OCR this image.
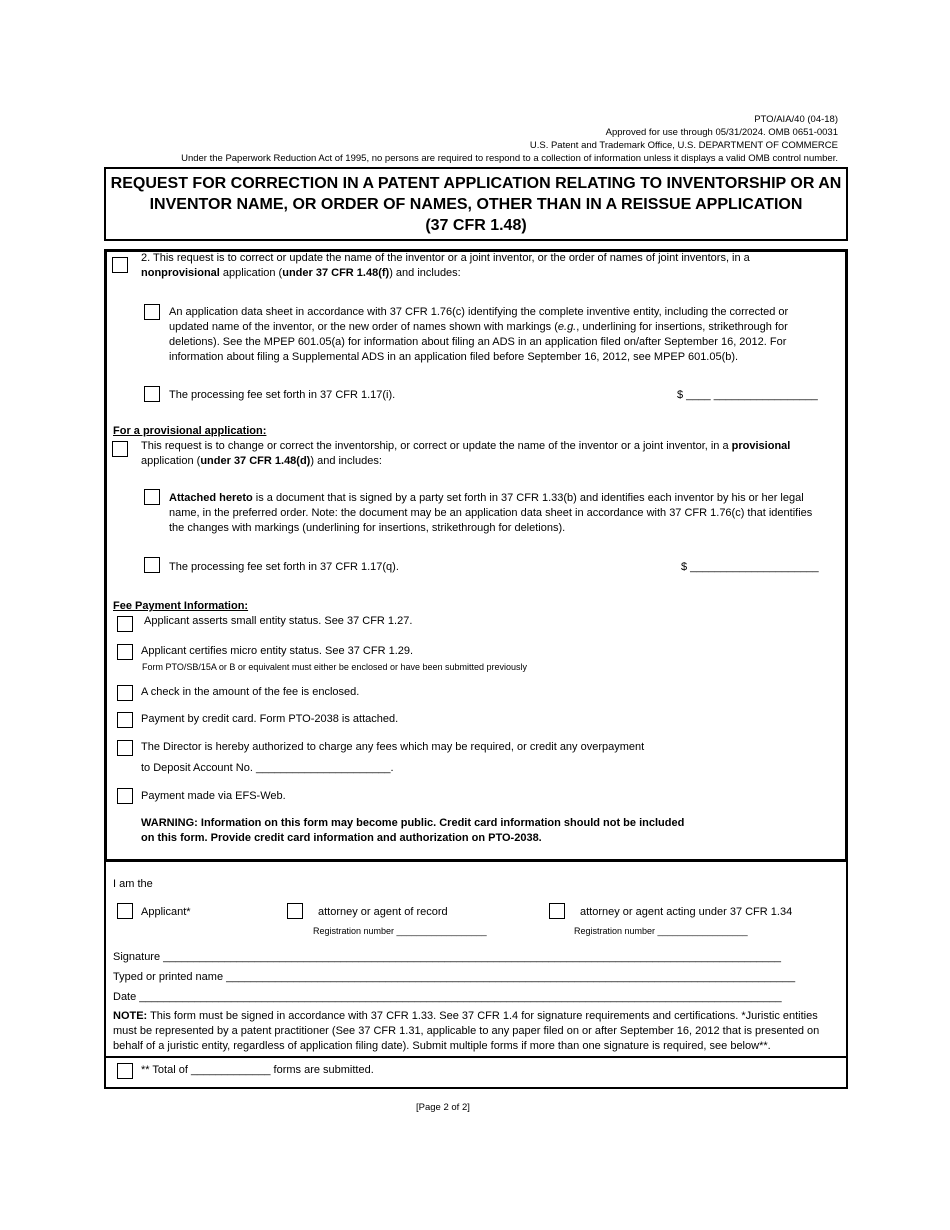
PTO/AIA/40 (04-18)
Approved for use through 05/31/2024. OMB 0651-0031
U.S. Patent and Trademark Office, U.S. DEPARTMENT OF COMMERCE
Under the Paperwork Reduction Act of 1995, no persons are required to respond to a collection of information unless it displays a valid OMB control number.
REQUEST FOR CORRECTION IN A PATENT APPLICATION RELATING TO INVENTORSHIP OR AN
INVENTOR NAME, OR ORDER OF NAMES, OTHER THAN IN A REISSUE APPLICATION
(37 CFR 1.48)
2. This request is to correct or update the name of the inventor or a joint inventor, or the order of names of joint inventors, in a
nonprovisional application (under 37 CFR 1.48(f)) and includes:
An application data sheet in accordance with 37 CFR 1.76(c) identifying the complete inventive entity, including the corrected or updated name of the inventor, or the new order of names shown with markings (e.g., underlining for insertions, strikethrough for deletions). See the MPEP 601.05(a) for information about filing an ADS in an application filed on/after September 16, 2012. For information about filing a Supplemental ADS in an application filed before September 16, 2012, see MPEP 601.05(b).
The processing fee set forth in 37 CFR 1.17(i).	$ ____ _________________
For a provisional application:
This request is to change or correct the inventorship, or correct or update the name of the inventor or a joint inventor, in a provisional
application (under 37 CFR 1.48(d)) and includes:
Attached hereto is a document that is signed by a party set forth in 37 CFR 1.33(b) and identifies each inventor by his or her legal name, in the preferred order. Note: the document may be an application data sheet in accordance with 37 CFR 1.76(c) that identifies the changes with markings (underlining for insertions, strikethrough for deletions).
The processing fee set forth in 37 CFR 1.17(q).	$ _____________________
Fee Payment Information:
Applicant asserts small entity status. See 37 CFR 1.27.
Applicant certifies micro entity status. See 37 CFR 1.29.
Form PTO/SB/15A or B or equivalent must either be enclosed or have been submitted previously
A check in the amount of the fee is enclosed.
Payment by credit card. Form PTO-2038 is attached.
The Director is hereby authorized to charge any fees which may be required, or credit any overpayment
to Deposit Account No. ______________________.
Payment made via EFS-Web.
WARNING: Information on this form may become public. Credit card information should not be included
on this form. Provide credit card information and authorization on PTO-2038.
I am the
Applicant*	attorney or agent of record
Registration number __________________
attorney or agent acting under 37 CFR 1.34
Registration number __________________
Signature _____________________________________________________________________________________________________
Typed or printed name _____________________________________________________________________________________________
Date _________________________________________________________________________________________________________
NOTE: This form must be signed in accordance with 37 CFR 1.33. See 37 CFR 1.4 for signature requirements and certifications. *Juristic entities must be represented by a patent practitioner (See 37 CFR 1.31, applicable to any paper filed on or after September 16, 2012 that is presented on behalf of a juristic entity, regardless of application filing date). Submit multiple forms if more than one signature is required, see below**.
** Total of _____________ forms are submitted.
[Page 2 of 2]
